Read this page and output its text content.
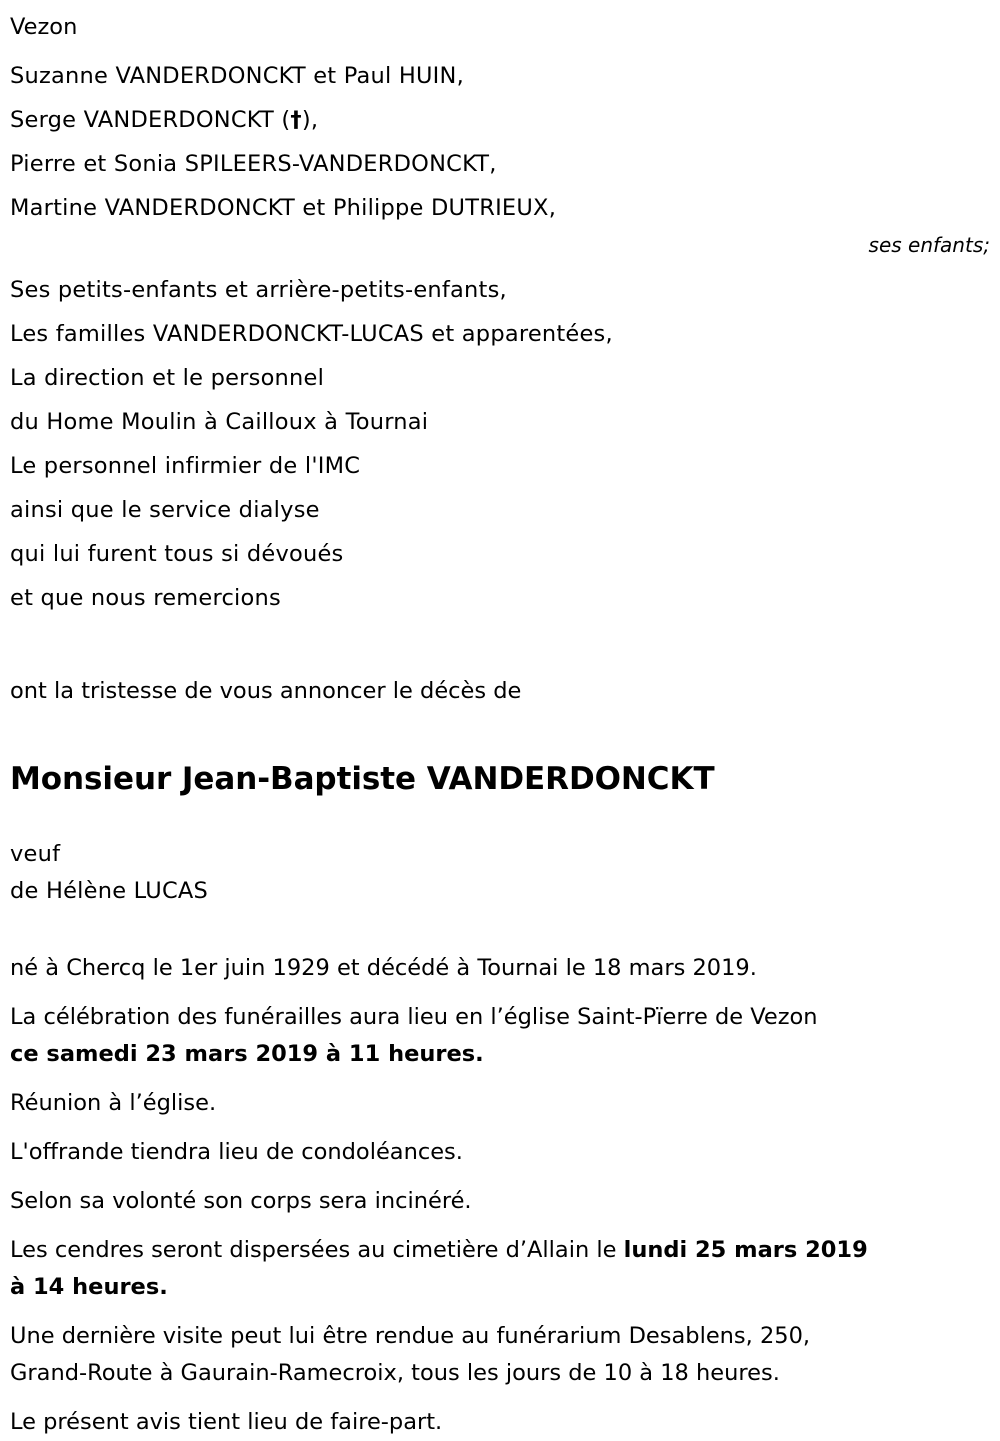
Vezon
Suzanne VANDERDONCKT et Paul HUIN,
Serge VANDERDONCKT (†),
Pierre et Sonia SPILEERS-VANDERDONCKT,
Martine VANDERDONCKT et Philippe DUTRIEUX,
ses enfants;
Ses petits-enfants et arrière-petits-enfants,
Les familles VANDERDONCKT-LUCAS et apparentées,
La direction et le personnel
du Home Moulin à Cailloux à Tournai
Le personnel infirmier de l'IMC
ainsi que le service dialyse
qui lui furent tous si dévoués
et que nous remercions
ont la tristesse de vous annoncer le décès de
Monsieur Jean-Baptiste VANDERDONCKT
veuf
de Hélène LUCAS

né à Chercq le 1er juin 1929 et décédé à Tournai le 18 mars 2019.

La célébration des funérailles aura lieu en l’église Saint-Pïerre de Vezon
ce samedi 23 mars 2019 à 11 heures.

Réunion à l’église.

L'offrande tiendra lieu de condoléances.

Selon sa volonté son corps sera incinéré.

Les cendres seront dispersées au cimetière d’Allain le lundi 25 mars 2019
à 14 heures.

Une dernière visite peut lui être rendue au funérarium Desablens, 250,
Grand-Route à Gaurain-Ramecroix, tous les jours de 10 à 18 heures.

Le présent avis tient lieu de faire-part.
